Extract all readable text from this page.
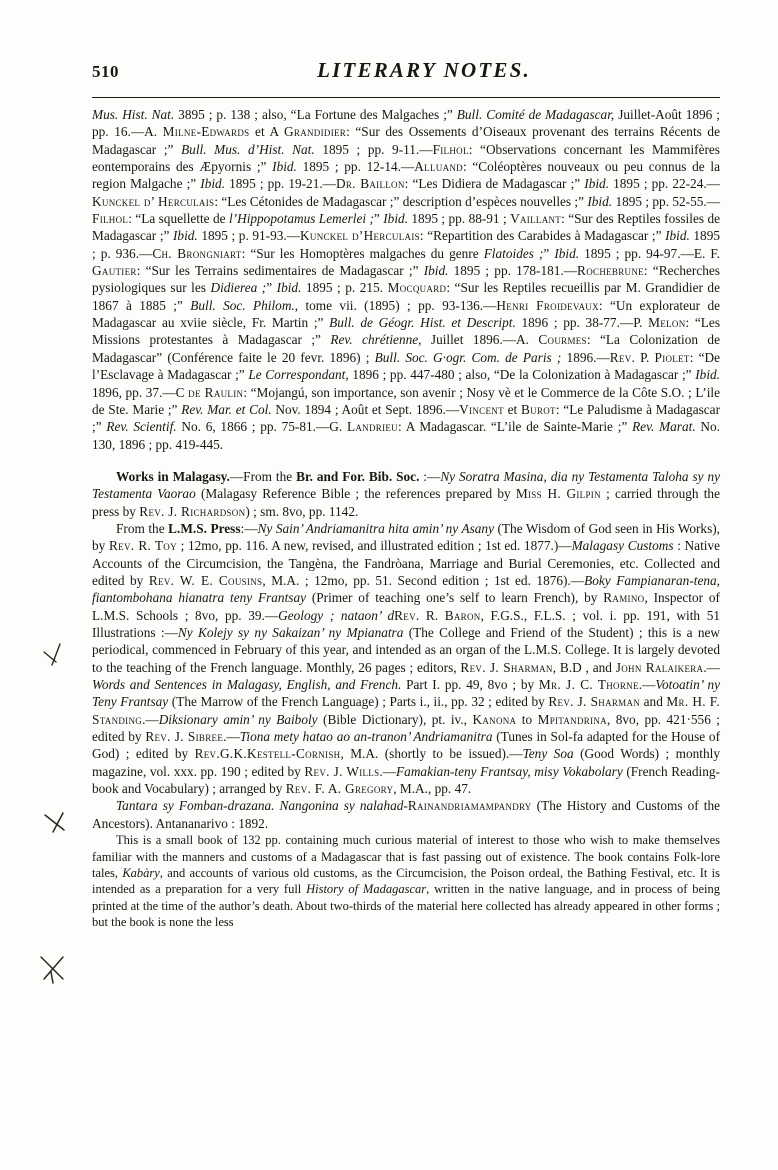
510	LITERARY NOTES.

Mus. Hist. Nat. 3895 ; p. 138 ; also, “La Fortune des Malgaches ;” Bull. Comité de Madagascar, Juillet-Août 1896 ; pp. 16.—A. Milne-Edwards et A Grandidier: “Sur des Ossements d’Oiseaux provenant des terrains Récents de Madagascar ;” Bull. Mus. d’Hist. Nat. 1895 ; pp. 9-11.—Filhol: “Observations concernant les Mammifères eontemporains des Æpyornis ;” Ibid. 1895 ; pp. 12-14.—Alluand: “Coléoptères nouveaux ou peu connus de la region Malgache ;” Ibid. 1895 ; pp. 19-21.—Dr. Baillon: “Les Didiera de Madagascar ;” Ibid. 1895 ; pp. 22-24.—Kunckel d’ Herculais: “Les Cétonides de Madagascar ;” description d’espèces nouvelles ;” Ibid. 1895 ; pp. 52-55.—Filhol: “La squellette de l’Hippopotamus Lemerlei ;” Ibid. 1895 ; pp. 88-91 ; Vaillant: “Sur des Reptiles fossiles de Madagascar ;” Ibid. 1895 ; p. 91-93.—Kunckel d’Herculais: “Repartition des Carabides à Madagascar ;” Ibid. 1895 ; p. 936.—Ch. Brongniart: “Sur les Homoptères malgaches du genre Flatoides ;” Ibid. 1895 ; pp. 94-97.—E. F. Gautier: “Sur les Terrains sedimentaires de Madagascar ;” Ibid. 1895 ; pp. 178-181.—Rochebrune: “Recherches pysiologiques sur les Didierea ;” Ibid. 1895 ; p. 215. Mocquard: “Sur les Reptiles recueillis par M. Grandidier de 1867 à 1885 ;” Bull. Soc. Philom., tome vii. (1895) ; pp. 93-136.—Henri Froidevaux: “Un explorateur de Madagascar au xviie siècle, Fr. Martin ;” Bull. de Géogr. Hist. et Descript. 1896 ; pp. 38-77.—P. Melon: “Les Missions protestantes à Madagascar ;” Rev. chrétienne, Juillet 1896.—A. Courmes: “La Colonization de Madagascar” (Conférence faite le 20 fevr. 1896) ; Bull. Soc. G·ogr. Com. de Paris ; 1896.—Rev. P. Piolet: “De l’Esclavage à Madagascar ;” Le Correspondant, 1896 ; pp. 447-480 ; also, “De la Colonization à Madagascar ;” Ibid. 1896, pp. 37.—C de Raulin: “Mojangú, son importance, son avenir ; Nosy vè et le Commerce de la Côte S.O. ; L’ile de Ste. Marie ;” Rev. Mar. et Col. Nov. 1894 ; Août et Sept. 1896.—Vincent et Burot: “Le Paludisme à Madagascar ;” Rev. Scientif. No. 6, 1866 ; pp. 75-81.—G. Landrieu: A Madagascar. “L’ile de Sainte-Marie ;” Rev. Marat. No. 130, 1896 ; pp. 419-445.

Works in Malagasy.—From the Br. and For. Bib. Soc. :—Ny Soratra Masina, dia ny Testamenta Taloha sy ny Testamenta Vaorao (Malagasy Reference Bible ; the references prepared by Miss H. Gilpin ; carried through the press by Rev. J. Richardson) ; sm. 8vo, pp. 1142.

From the L.M.S. Press:—Ny Sain’ Andriamanitra hita amin’ ny Asany (The Wisdom of God seen in His Works), by Rev. R. Toy ; 12mo, pp. 116. A new, revised, and illustrated edition ; 1st ed. 1877.)—Malagasy Customs : Native Accounts of the Circumcision, the Tangèna, the Fandròana, Marriage and Burial Ceremonies, etc. Collected and edited by Rev. W. E. Cousins, M.A. ; 12mo, pp. 51. Second edition ; 1st ed. 1876).—Boky Fampianaran-tena, fiantombohana hianatra teny Frantsay (Primer of teaching one’s self to learn French), by Ramino, Inspector of L.M.S. Schools ; 8vo, pp. 39.—Geology ; nataon’ dRev. R. Baron, F.G.S., F.L.S. ; vol. i. pp. 191, with 51 Illustrations :—Ny Kolejy sy ny Sakaizan’ ny Mpianatra (The College and Friend of the Student) ; this is a new periodical, commenced in February of this year, and intended as an organ of the L.M.S. College. It is largely devoted to the teaching of the French language. Monthly, 26 pages ; editors, Rev. J. Sharman, B.D , and John Ralaikera.—Words and Sentences in Malagasy, English, and French. Part I. pp. 49, 8vo ; by Mr. J. C. Thorne.—Votoatin’ ny Teny Frantsay (The Marrow of the French Language) ; Parts i., ii., pp. 32 ; edited by Rev. J. Sharman and Mr. H. F. Standing.—Diksionary amin’ ny Baiboly (Bible Dictionary), pt. iv., Kanona to Mpitandrina, 8vo, pp. 421·556 ; edited by Rev. J. Sibree.—Tiona mety hatao ao an-tranon’ Andriamanitra (Tunes in Sol-fa adapted for the House of God) ; edited by Rev.G.K.Kestell-Cornish, M.A. (shortly to be issued).—Teny Soa (Good Words) ; monthly magazine, vol. xxx. pp. 190 ; edited by Rev. J. Wills.—Famakian-teny Frantsay, misy Vokabolary (French Reading-book and Vocabulary) ; arranged by Rev. F. A. Gregory, M.A., pp. 47.

Tantara sy Fomban-drazana. Nangonina sy nalahad-Rainandriamampandry (The History and Customs of the Ancestors). Antananarivo : 1892.

This is a small book of 132 pp. containing much curious material of interest to those who wish to make themselves familiar with the manners and customs of a Madagascar that is fast passing out of existence. The book contains Folk-lore tales, Kabàry, and accounts of various old customs, as the Circumcision, the Poison ordeal, the Bathing Festival, etc. It is intended as a preparation for a very full History of Madagascar, written in the native language, and in process of being printed at the time of the author’s death. About two-thirds of the material here collected has already appeared in other forms ; but the book is none the less
